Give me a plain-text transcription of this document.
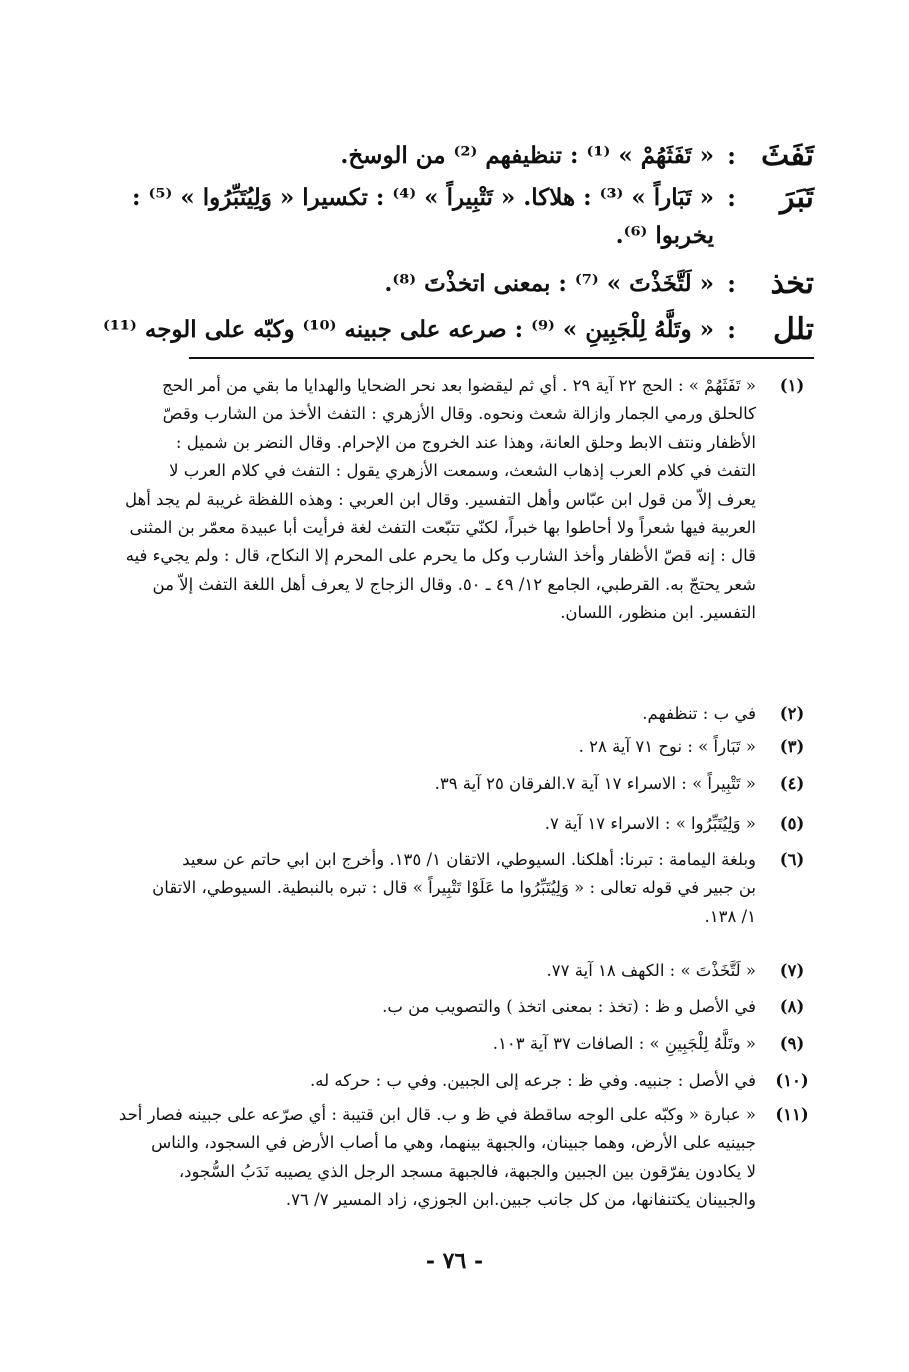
تَفَثَ
:
« تَفَثَهُمْ » ⁽¹⁾ : تنظيفهم ⁽²⁾ من الوسخ.
تَبَرَ
:
« تَبَاراً » ⁽³⁾ : هلاكا. « تَتْبِيراً » ⁽⁴⁾ : تكسيرا « وَلِيُتَبِّرُوا » ⁽⁵⁾ :
يخربوا ⁽⁶⁾.
تخذ
:
« لَتَّخَذْتَ » ⁽⁷⁾ : بمعنى اتخذْتَ ⁽⁸⁾.
تلل
:
« وتَلَّهُ لِلْجَبِينِ » ⁽⁹⁾ : صرعه على جبينه ⁽¹⁰⁾ وكبّه على الوجه ⁽¹¹⁾
(١)
« تَفَثَهُمْ » : الحج ٢٢ آية ٢٩ . أي ثم ليقضوا بعد نحر الضحايا والهدايا ما بقي من أمر الحج
كالحلق ورمي الجمار وازالة شعث ونحوه. وقال الأزهري : التفث الأخذ من الشارب وقصّ
الأظفار ونتف الابط وحلق العانة، وهذا عند الخروج من الإحرام. وقال النضر بن شميل :
التفث في كلام العرب إذهاب الشعث، وسمعت الأزهري يقول : التفث في كلام العرب لا
يعرف إلاّ من قول ابن عبّاس وأهل التفسير. وقال ابن العربي : وهذه اللفظة غريبة لم يجد أهل
العربية فيها شعراً ولا أحاطوا بها خبراً، لكنّي تتبّعت التفث لغة فرأيت أبا عبيدة معمّر بن المثنى
قال : إنه قصّ الأظفار وأخذ الشارب وكل ما يحرم على المحرم إلا النكاح، قال : ولم يجيء فيه
شعر يحتجّ به. القرطبي، الجامع ١٢/ ٤٩ ـ ٥٠. وقال الزجاج لا يعرف أهل اللغة التفث إلاّ من
التفسير. ابن منظور، اللسان.
(٢)
في ب : تنظفهم.
(٣)
« تَبَاراً » : نوح ٧١ آية ٢٨ .
(٤)
« تَتْبِيراً » : الاسراء ١٧ آية ٧.الفرقان ٢٥ آية ٣٩.
(٥)
« وَلِيُتَبِّرُوا » : الاسراء ١٧ آية ٧.
(٦)
وبلغة اليمامة : تبرنا: أهلكنا. السيوطي، الاتقان ١/ ١٣٥. وأخرج ابن ابي حاتم عن سعيد
بن جبير في قوله تعالى : « وَلِيُتَبِّرُوا ما عَلَوْا تَتْبِيراً » قال : تبره بالنبطية. السيوطي، الاتقان
١/ ١٣٨.
(٧)
« لَتَّخَذْتَ » : الكهف ١٨ آية ٧٧.
(٨)
في الأصل و ظ : (تخذ : بمعنى اتخذ ) والتصويب من ب.
(٩)
« وتَلَّهُ لِلْجَبِينِ » : الصافات ٣٧ آية ١٠٣.
(١٠)
في الأصل : جنبيه. وفي ظ : جرعه إلى الجبين. وفي ب : حركه له.
(١١)
« عبارة « وكبّه على الوجه ساقطة في ظ و ب. قال ابن قتيبة : أي صرّعه على جبينه فصار أحد
جبينيه على الأرض، وهما جبينان، والجبهة بينهما، وهي ما أصاب الأرض في السجود، والناس
لا يكادون يفرّقون بين الجبين والجبهة، فالجبهة مسجد الرجل الذي يصيبه نَدَبُ السُّجود،
والجبينان يكتنفانها، من كل جانب جبين.ابن الجوزي، زاد المسير ٧/ ٧٦.
- ٧٦ -
